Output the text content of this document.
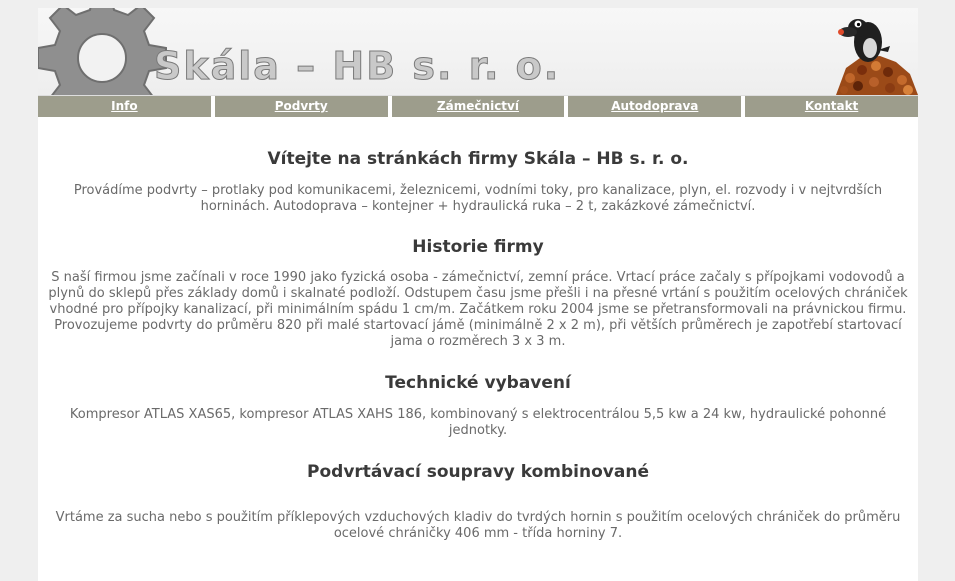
Skála – HB s. r. o.
Info	Podvrty	Zámečnictví	Autodoprava	Kontakt
Vítejte na stránkách firmy Skála – HB s. r. o.

Provádíme podvrty – protlaky pod komunikacemi, železnicemi, vodními toky, pro kanalizace, plyn, el. rozvody i v nejtvrdších horninách. Autodoprava – kontejner + hydraulická ruka – 2 t, zakázkové zámečnictví.

Historie firmy

S naší firmou jsme začínali v roce 1990 jako fyzická osoba - zámečnictví, zemní práce. Vrtací práce začaly s přípojkami vodovodů a plynů do sklepů přes základy domů i skalnaté podloží. Odstupem času jsme přešli i na přesné vrtání s použitím ocelových chrániček vhodné pro přípojky kanalizací, při minimálním spádu 1 cm/m. Začátkem roku 2004 jsme se přetransformovali na právnickou firmu. Provozujeme podvrty do průměru 820 při malé startovací jámě (minimálně 2 x 2 m), při větších průměrech je zapotřebí startovací jama o rozměrech 3 x 3 m.

Technické vybavení

Kompresor ATLAS XAS65, kompresor ATLAS XAHS 186, kombinovaný s elektrocentrálou 5,5 kw a 24 kw, hydraulické pohonné jednotky.

Podvrtávací soupravy kombinované

Vrtáme za sucha nebo s použitím příklepových vzduchových kladiv do tvrdých hornin s použitím ocelových chrániček do průměru ocelové chráničky 406 mm - třída horniny 7.
